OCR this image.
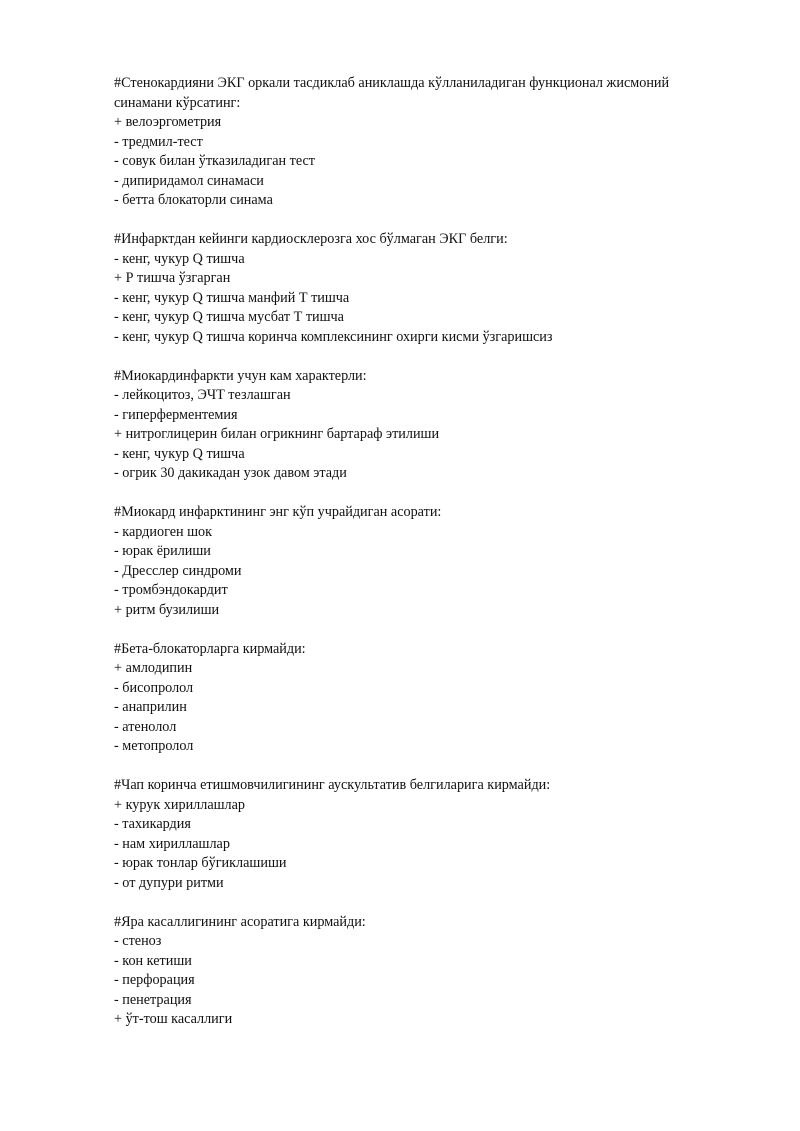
#Стенокардияни ЭКГ оркали тасдиклаб аниклашда кўлланиладиган функционал жисмоний синамани кўрсатинг:

+ велоэргометрия
- тредмил-тест
- совук билан ўтказиладиган тест
- дипиридамол синамаси
- бетта блокаторли синама

#Инфарктдан кейинги кардиосклерозга хос бўлмаган ЭКГ белги:

- кенг, чукур Q тишча
+ Р тишча ўзгарган
- кенг, чукур Q тишча манфий Т тишча
- кенг, чукур Q тишча мусбат Т тишча
- кенг, чукур Q тишча коринча комплексининг охирги кисми ўзгаришсиз

#Миокардинфаркти учун кам характерли:

- лейкоцитоз, ЭЧТ тезлашган
- гиперферментемия
+ нитроглицерин билан огрикнинг бартараф этилиши
- кенг, чукур Q тишча
- огрик 30 дакикадан узок давом этади

#Миокард инфарктининг энг кўп учрайдиган асорати:

- кардиоген шок
- юрак ёрилиши
- Дресслер синдроми
- тромбэндокардит
+ ритм бузилиши

#Бета-блокаторларга кирмайди:

+ амлодипин
- бисопролол
- анаприлин
- атенолол
- метопролол

#Чап коринча етишмовчилигининг аускультатив белгиларига кирмайди:

+ курук хириллашлар
- тахикардия
- нам хириллашлар
- юрак тонлар бўгиклашиши
- от дупури ритми

#Яра касаллигининг асоратига кирмайди:

- стеноз
- кон кетиши
- перфорация
- пенетрация
+ ўт-тош касаллиги
